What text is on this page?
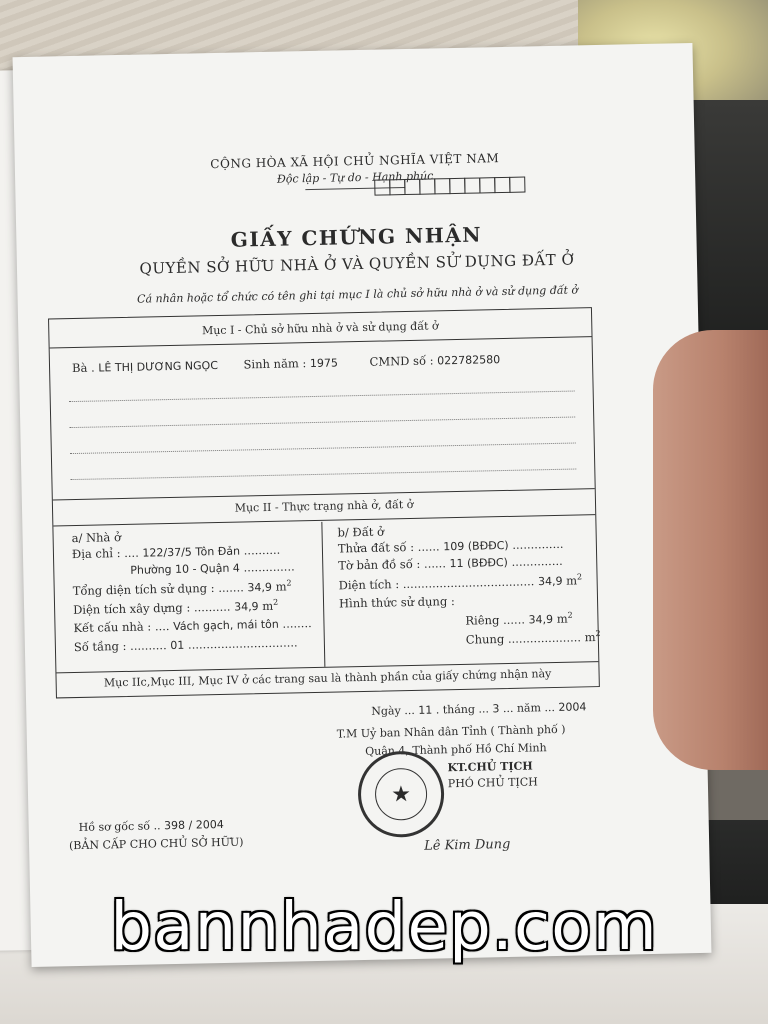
CỘNG HÒA XÃ HỘI CHỦ NGHĨA VIỆT NAM
Độc lập - Tự do - Hạnh phúc
GIẤY CHỨNG NHẬN
QUYỀN SỞ HỮU NHÀ Ở VÀ QUYỀN SỬ DỤNG ĐẤT Ở
Cá nhân hoặc tổ chức có tên ghi tại mục I là chủ sở hữu nhà ở và sử dụng đất ở
Mục I - Chủ sở hữu nhà ở và sử dụng đất ở
Bà . LÊ THỊ DƯƠNG NGỌC Sinh năm : 1975	CMND số : 022782580
Mục II - Thực trạng nhà ở, đất ở
a/ Nhà ở
Địa chỉ : .... 122/37/5 Tôn Đản ..........
Phường 10 - Quận 4 ..............
Tổng diện tích sử dụng : ....... 34,9 $m^2$
Diện tích xây dựng : .......... 34,9 $m^2$
Kết cấu nhà : .... Vách gạch, mái tôn ........
Số tầng : .......... 01 ..............................
b/ Đất ở
Thửa đất số : ...... 109 (BĐĐC) ..............
Tờ bản đồ số : ...... 11 (BĐĐC) ..............
Diện tích : .................................... 34,9 $m^2$
Hình thức sử dụng :
Riêng ...... 34,9 $m^2$
Chung .................... $m^2$
Mục IIc,Mục III, Mục IV ở các trang sau là thành phần của giấy chứng nhận này
Ngày ... 11 . tháng ... 3 ... năm ... 2004
T.M Uỷ ban Nhân dân Tỉnh ( Thành phố )
Quận 4, Thành phố Hồ Chí Minh
KT.CHỦ TỊCH
PHÓ CHỦ TỊCH
★
Lê Kim Dung
Hồ sơ gốc số .. 398 / 2004
(BẢN CẤP CHO CHỦ SỞ HỮU)
bannhadep.com
